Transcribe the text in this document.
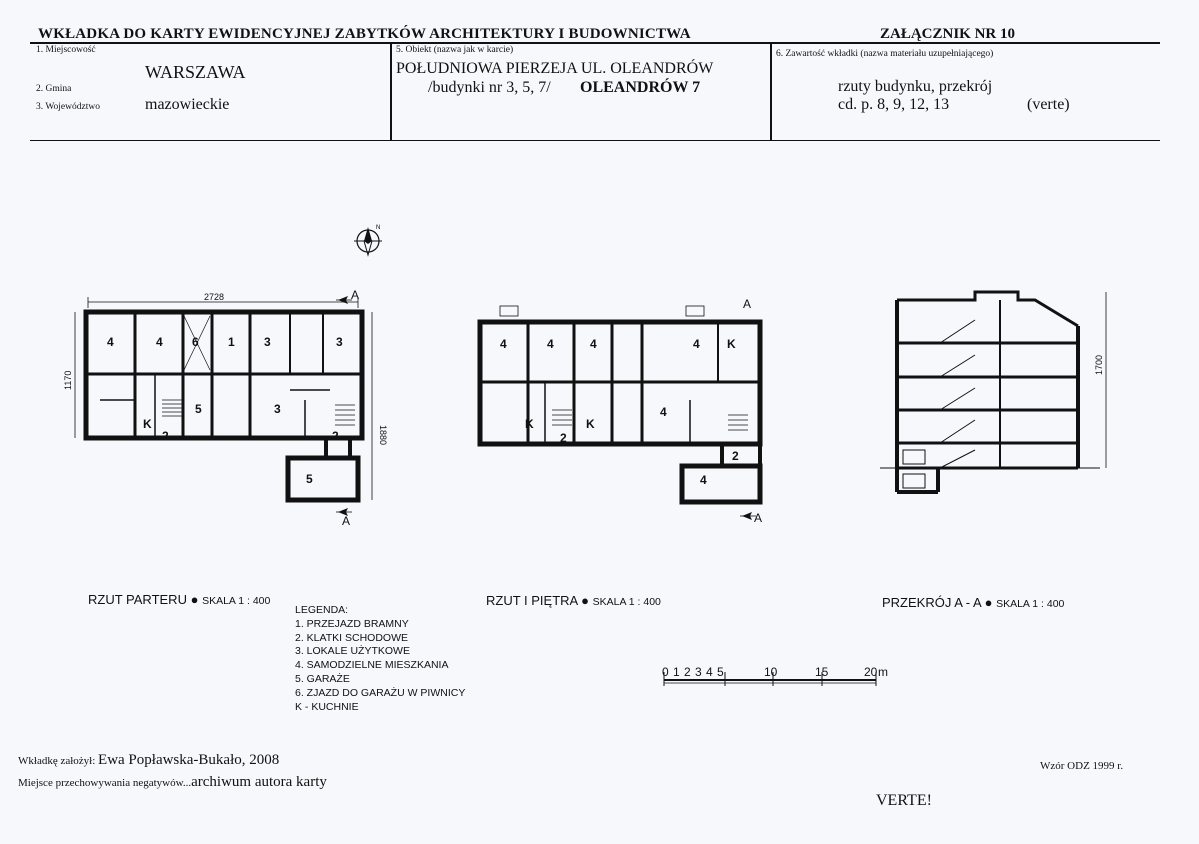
WKŁADKA DO KARTY EWIDENCYJNEJ ZABYTKÓW ARCHITEKTURY I BUDOWNICTWA	ZAŁĄCZNIK NR 10
1. Miejscowość
WARSZAWA
2. Gmina
3. Województwo	mazowieckie
5. Obiekt (nazwa jak w karcie)
POŁUDNIOWA PIERZEJA UL. OLEANDRÓW
/budynki nr 3, 5, 7/ OLEANDRÓW 7
6. Zawartość wkładki (nazwa materiału uzupełniającego)
rzuty budynku, przekrój
cd. p. 8, 9, 12, 13	(verte)
N
2728
1170
1880
A
A
4	4 6 1 3	3
5	3
K
2	2
5
A
A
4	4	4	4 K
4
K	K
2
2
4
1700
0 1 2 3 4 5	10	15	20 m
RZUT PARTERU ● SKALA 1 : 400	RZUT I PIĘTRA ● SKALA 1 : 400	PRZEKRÓJ A - A ● SKALA 1 : 400
LEGENDA:
1. PRZEJAZD BRAMNY
2. KLATKI SCHODOWE
3. LOKALE UŻYTKOWE
4. SAMODZIELNE MIESZKANIA
5. GARAŻE
6. ZJAZD DO GARAŻU W PIWNICY
K - KUCHNIE
Wkładkę założył: Ewa Popławska-Bukało, 2008
Miejsce przechowywania negatywów...archiwum autora karty
Wzór ODZ 1999 r.
VERTE!
